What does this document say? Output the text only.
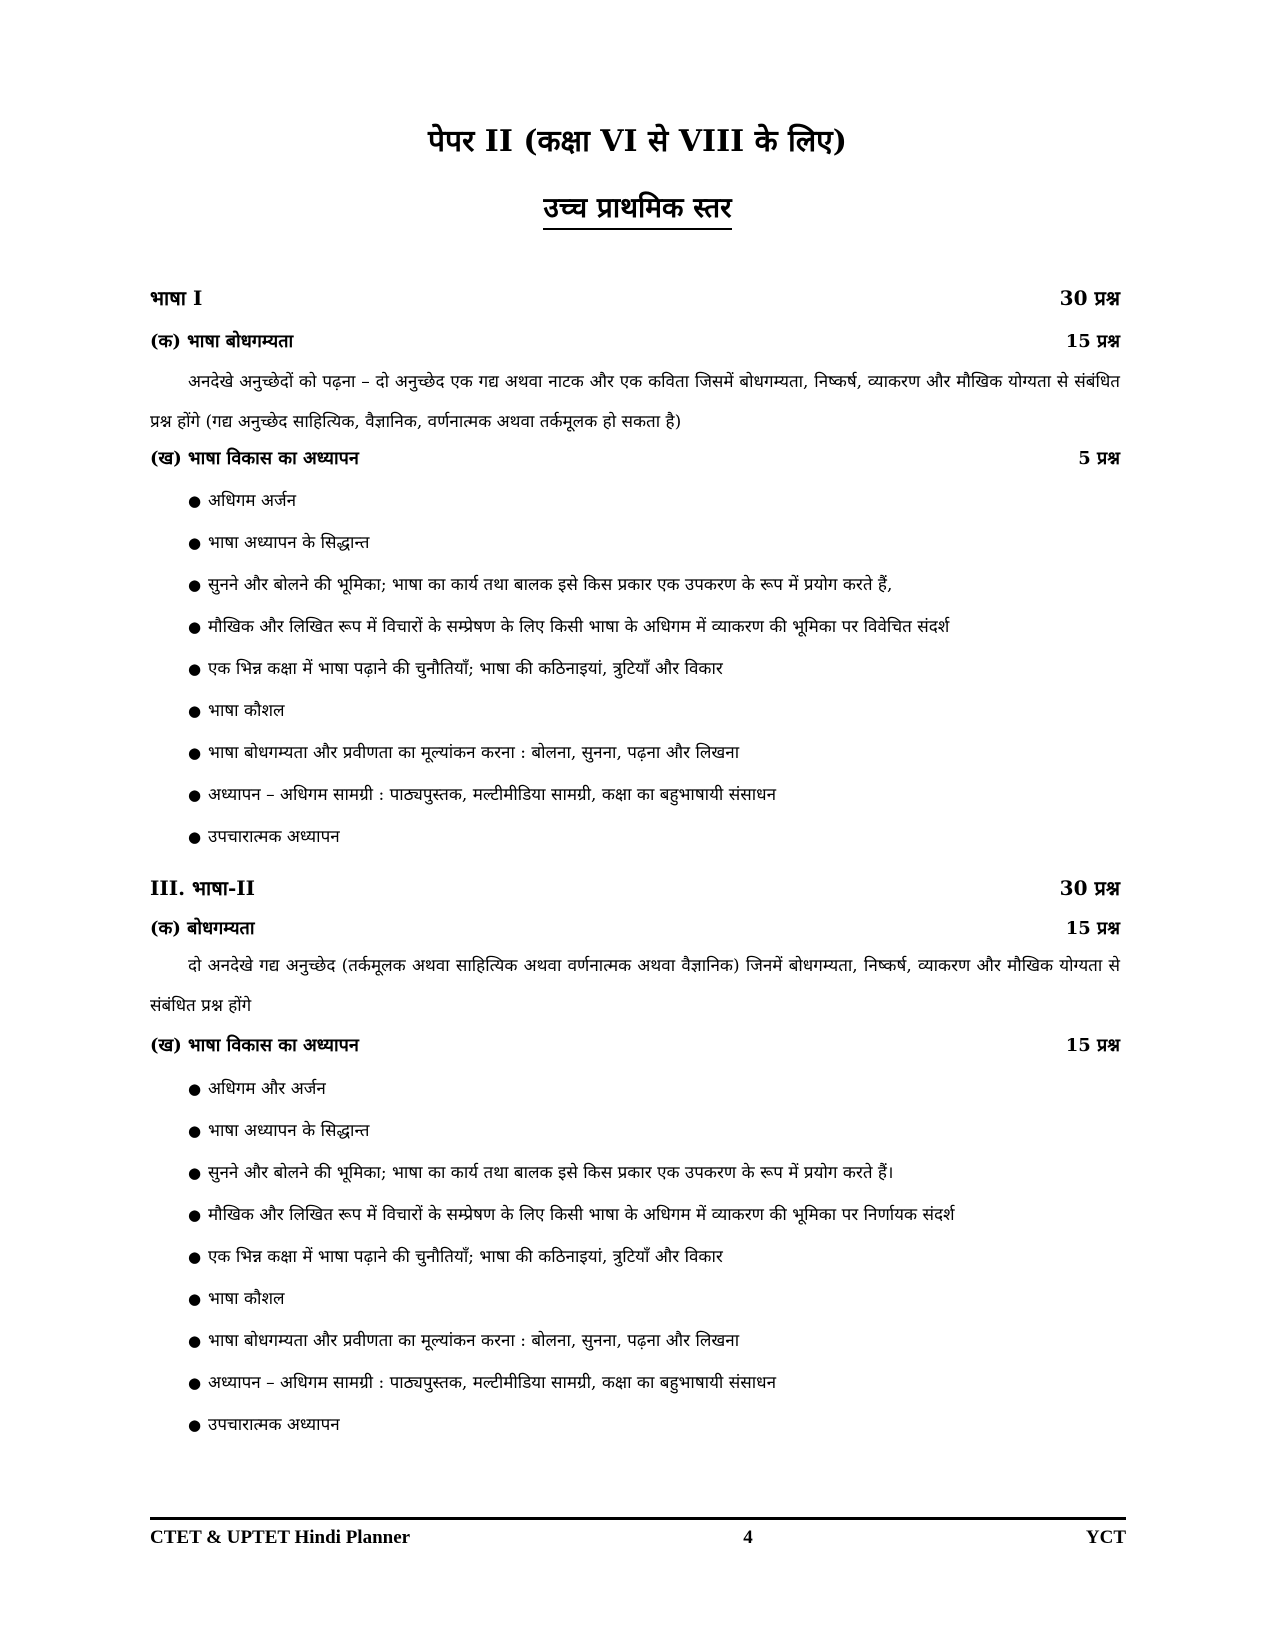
पेपर II (कक्षा VI से VIII के लिए)
उच्च प्राथमिक स्तर
भाषा I	30 प्रश्न
(क) भाषा बोधगम्यता	15 प्रश्न

अनदेखे अनुच्छेदों को पढ़ना – दो अनुच्छेद एक गद्य अथवा नाटक और एक कविता जिसमें बोधगम्यता, निष्कर्ष, व्याकरण और मौखिक योग्यता से संबंधित प्रश्न होंगे (गद्य अनुच्छेद साहित्यिक, वैज्ञानिक, वर्णनात्मक अथवा तर्कमूलक हो सकता है)

(ख) भाषा विकास का अध्यापन	5 प्रश्न
● अधिगम अर्जन
● भाषा अध्यापन के सिद्धान्त
● सुनने और बोलने की भूमिका; भाषा का कार्य तथा बालक इसे किस प्रकार एक उपकरण के रूप में प्रयोग करते हैं,
● मौखिक और लिखित रूप में विचारों के सम्प्रेषण के लिए किसी भाषा के अधिगम में व्याकरण की भूमिका पर विवेचित संदर्श
● एक भिन्न कक्षा में भाषा पढ़ाने की चुनौतियाँ; भाषा की कठिनाइयां, त्रुटियाँ और विकार
● भाषा कौशल
● भाषा बोधगम्यता और प्रवीणता का मूल्यांकन करना : बोलना, सुनना, पढ़ना और लिखना
● अध्यापन – अधिगम सामग्री : पाठ्यपुस्तक, मल्टीमीडिया सामग्री, कक्षा का बहुभाषायी संसाधन
● उपचारात्मक अध्यापन
III. भाषा-II	30 प्रश्न
(क) बोधगम्यता	15 प्रश्न

दो अनदेखे गद्य अनुच्छेद (तर्कमूलक अथवा साहित्यिक अथवा वर्णनात्मक अथवा वैज्ञानिक) जिनमें बोधगम्यता, निष्कर्ष, व्याकरण और मौखिक योग्यता से संबंधित प्रश्न होंगे

(ख) भाषा विकास का अध्यापन	15 प्रश्न
● अधिगम और अर्जन
● भाषा अध्यापन के सिद्धान्त
● सुनने और बोलने की भूमिका; भाषा का कार्य तथा बालक इसे किस प्रकार एक उपकरण के रूप में प्रयोग करते हैं।
● मौखिक और लिखित रूप में विचारों के सम्प्रेषण के लिए किसी भाषा के अधिगम में व्याकरण की भूमिका पर निर्णायक संदर्श
● एक भिन्न कक्षा में भाषा पढ़ाने की चुनौतियाँ; भाषा की कठिनाइयां, त्रुटियाँ और विकार
● भाषा कौशल
● भाषा बोधगम्यता और प्रवीणता का मूल्यांकन करना : बोलना, सुनना, पढ़ना और लिखना
● अध्यापन – अधिगम सामग्री : पाठ्यपुस्तक, मल्टीमीडिया सामग्री, कक्षा का बहुभाषायी संसाधन
● उपचारात्मक अध्यापन
CTET & UPTET Hindi Planner	4	YCT
